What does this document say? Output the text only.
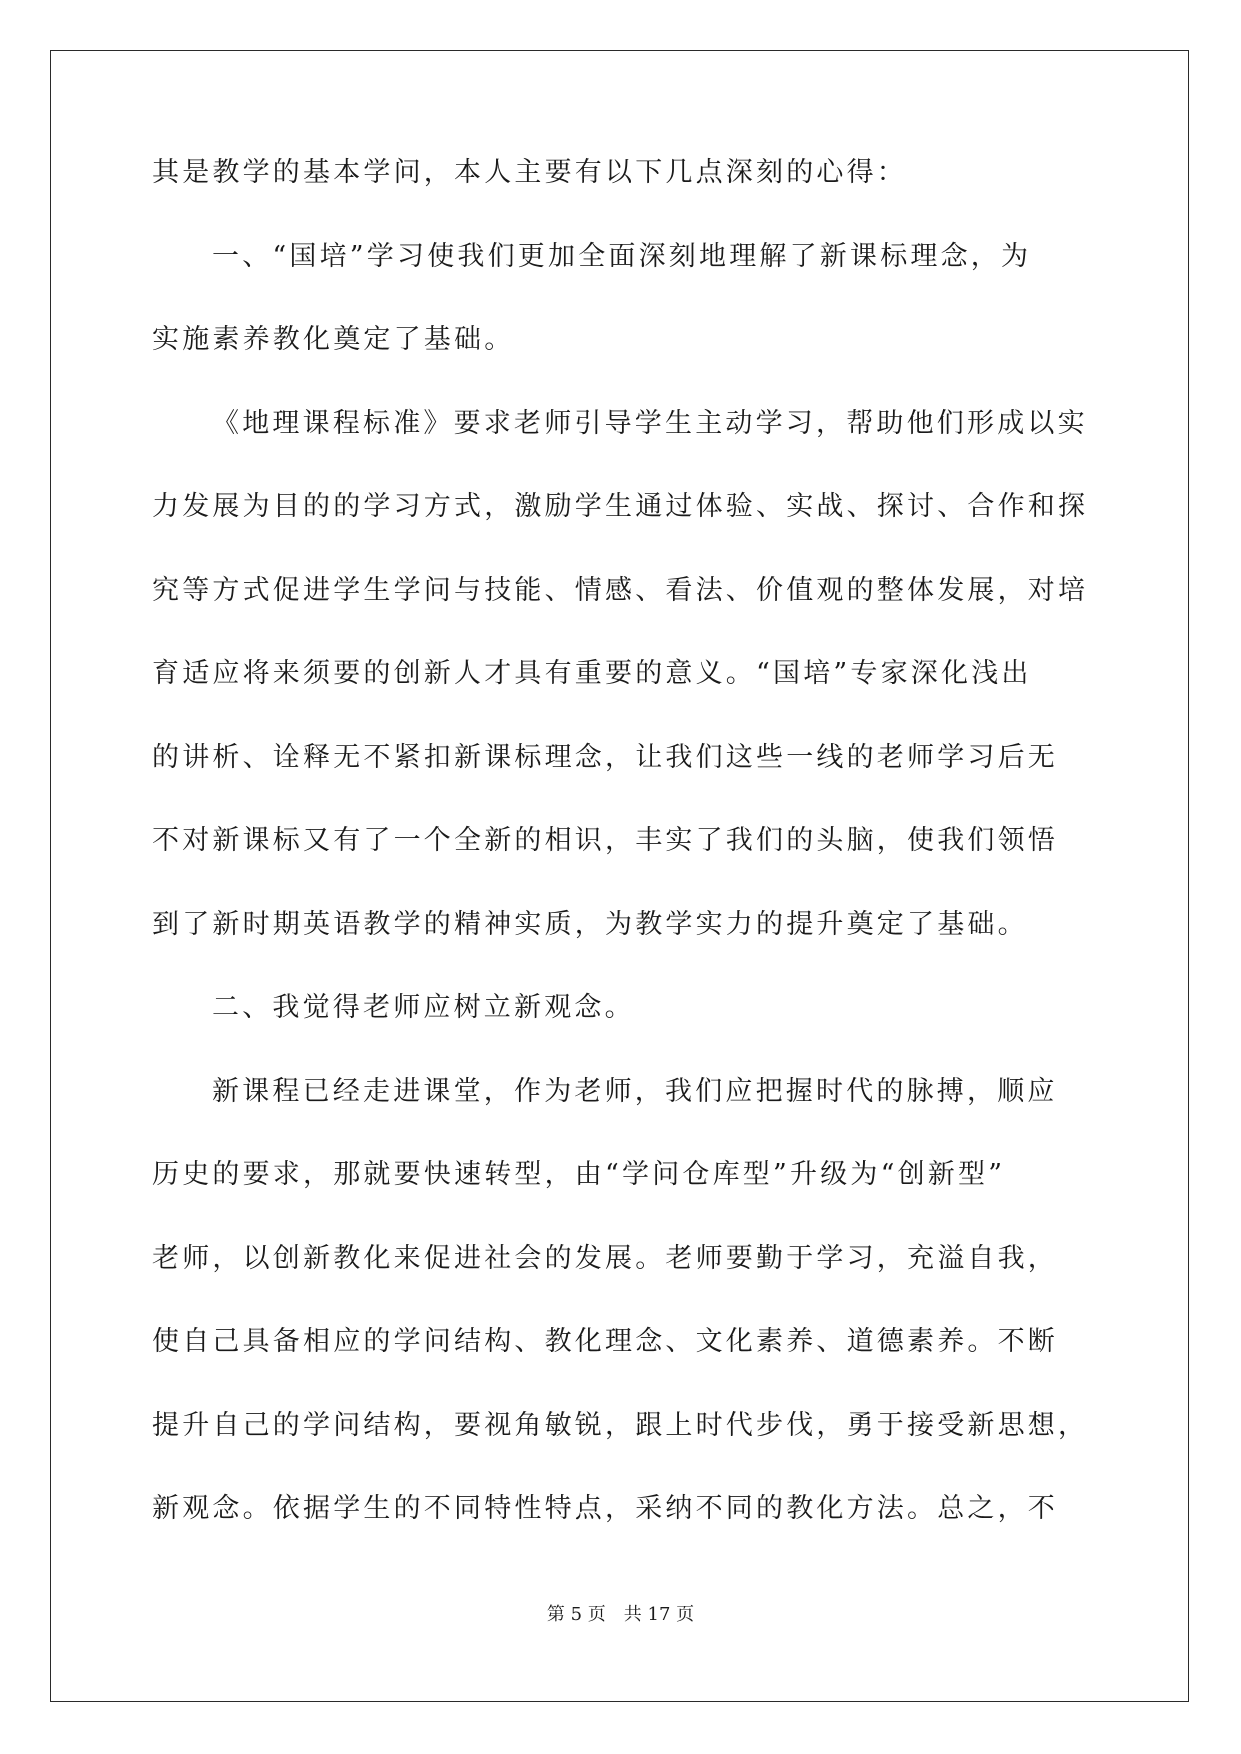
其是教学的基本学问，本人主要有以下几点深刻的心得：
一、“国培”学习使我们更加全面深刻地理解了新课标理念，为
实施素养教化奠定了基础。
《地理课程标准》要求老师引导学生主动学习，帮助他们形成以实
力发展为目的的学习方式，激励学生通过体验、实战、探讨、合作和探
究等方式促进学生学问与技能、情感、看法、价值观的整体发展，对培
育适应将来须要的创新人才具有重要的意义。“国培”专家深化浅出
的讲析、诠释无不紧扣新课标理念，让我们这些一线的老师学习后无
不对新课标又有了一个全新的相识，丰实了我们的头脑，使我们领悟
到了新时期英语教学的精神实质，为教学实力的提升奠定了基础。
二、我觉得老师应树立新观念。
新课程已经走进课堂，作为老师，我们应把握时代的脉搏，顺应
历史的要求，那就要快速转型，由“学问仓库型”升级为“创新型”
老师，以创新教化来促进社会的发展。老师要勤于学习，充溢自我，
使自己具备相应的学问结构、教化理念、文化素养、道德素养。不断
提升自己的学问结构，要视角敏锐，跟上时代步伐，勇于接受新思想，
新观念。依据学生的不同特性特点，采纳不同的教化方法。总之，不
第 5 页 共 17 页
